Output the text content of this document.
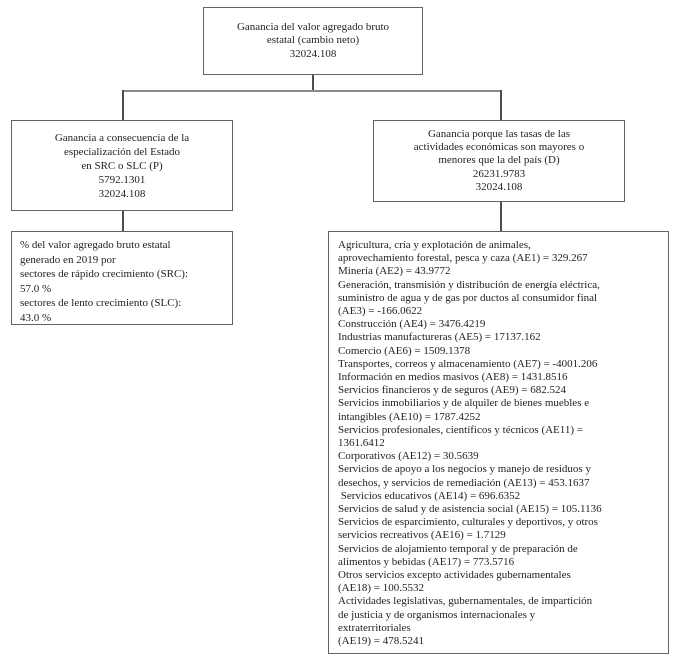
Ganancia del valor agregado bruto
estatal (cambio neto)
32024.108
Ganancia a consecuencia de la
especialización del Estado
en SRC o SLC (P)
5792.1301
32024.108
Ganancia porque las tasas de las
actividades económicas son mayores o
menores que la del país (D)
26231.9783
32024.108
% del valor agregado bruto estatal
generado en 2019 por
sectores de rápido crecimiento (SRC):
57.0 %
sectores de lento crecimiento (SLC):
43.0 %
Agricultura, cría y explotación de animales,
aprovechamiento forestal, pesca y caza (AE1) = 329.267
Minería (AE2) = 43.9772
Generación, transmisión y distribución de energía eléctrica,
suministro de agua y de gas por ductos al consumidor final
(AE3) = -166.0622
Construcción (AE4) = 3476.4219
Industrias manufactureras (AE5) = 17137.162
Comercio (AE6) = 1509.1378
Transportes, correos y almacenamiento (AE7) = -4001.206
Información en medios masivos (AE8) = 1431.8516
Servicios financieros y de seguros (AE9) = 682.524
Servicios inmobiliarios y de alquiler de bienes muebles e
intangibles (AE10) = 1787.4252
Servicios profesionales, científicos y técnicos (AE11) =
1361.6412
Corporativos (AE12) = 30.5639
Servicios de apoyo a los negocios y manejo de residuos y
desechos, y servicios de remediación (AE13) = 453.1637
Servicios educativos (AE14) = 696.6352
Servicios de salud y de asistencia social (AE15) = 105.1136
Servicios de esparcimiento, culturales y deportivos, y otros
servicios recreativos (AE16) = 1.7129
Servicios de alojamiento temporal y de preparación de
alimentos y bebidas (AE17) = 773.5716
Otros servicios excepto actividades gubernamentales
(AE18) = 100.5532
Actividades legislativas, gubernamentales, de impartición
de justicia y de organismos internacionales y
extraterritoriales
(AE19) = 478.5241
